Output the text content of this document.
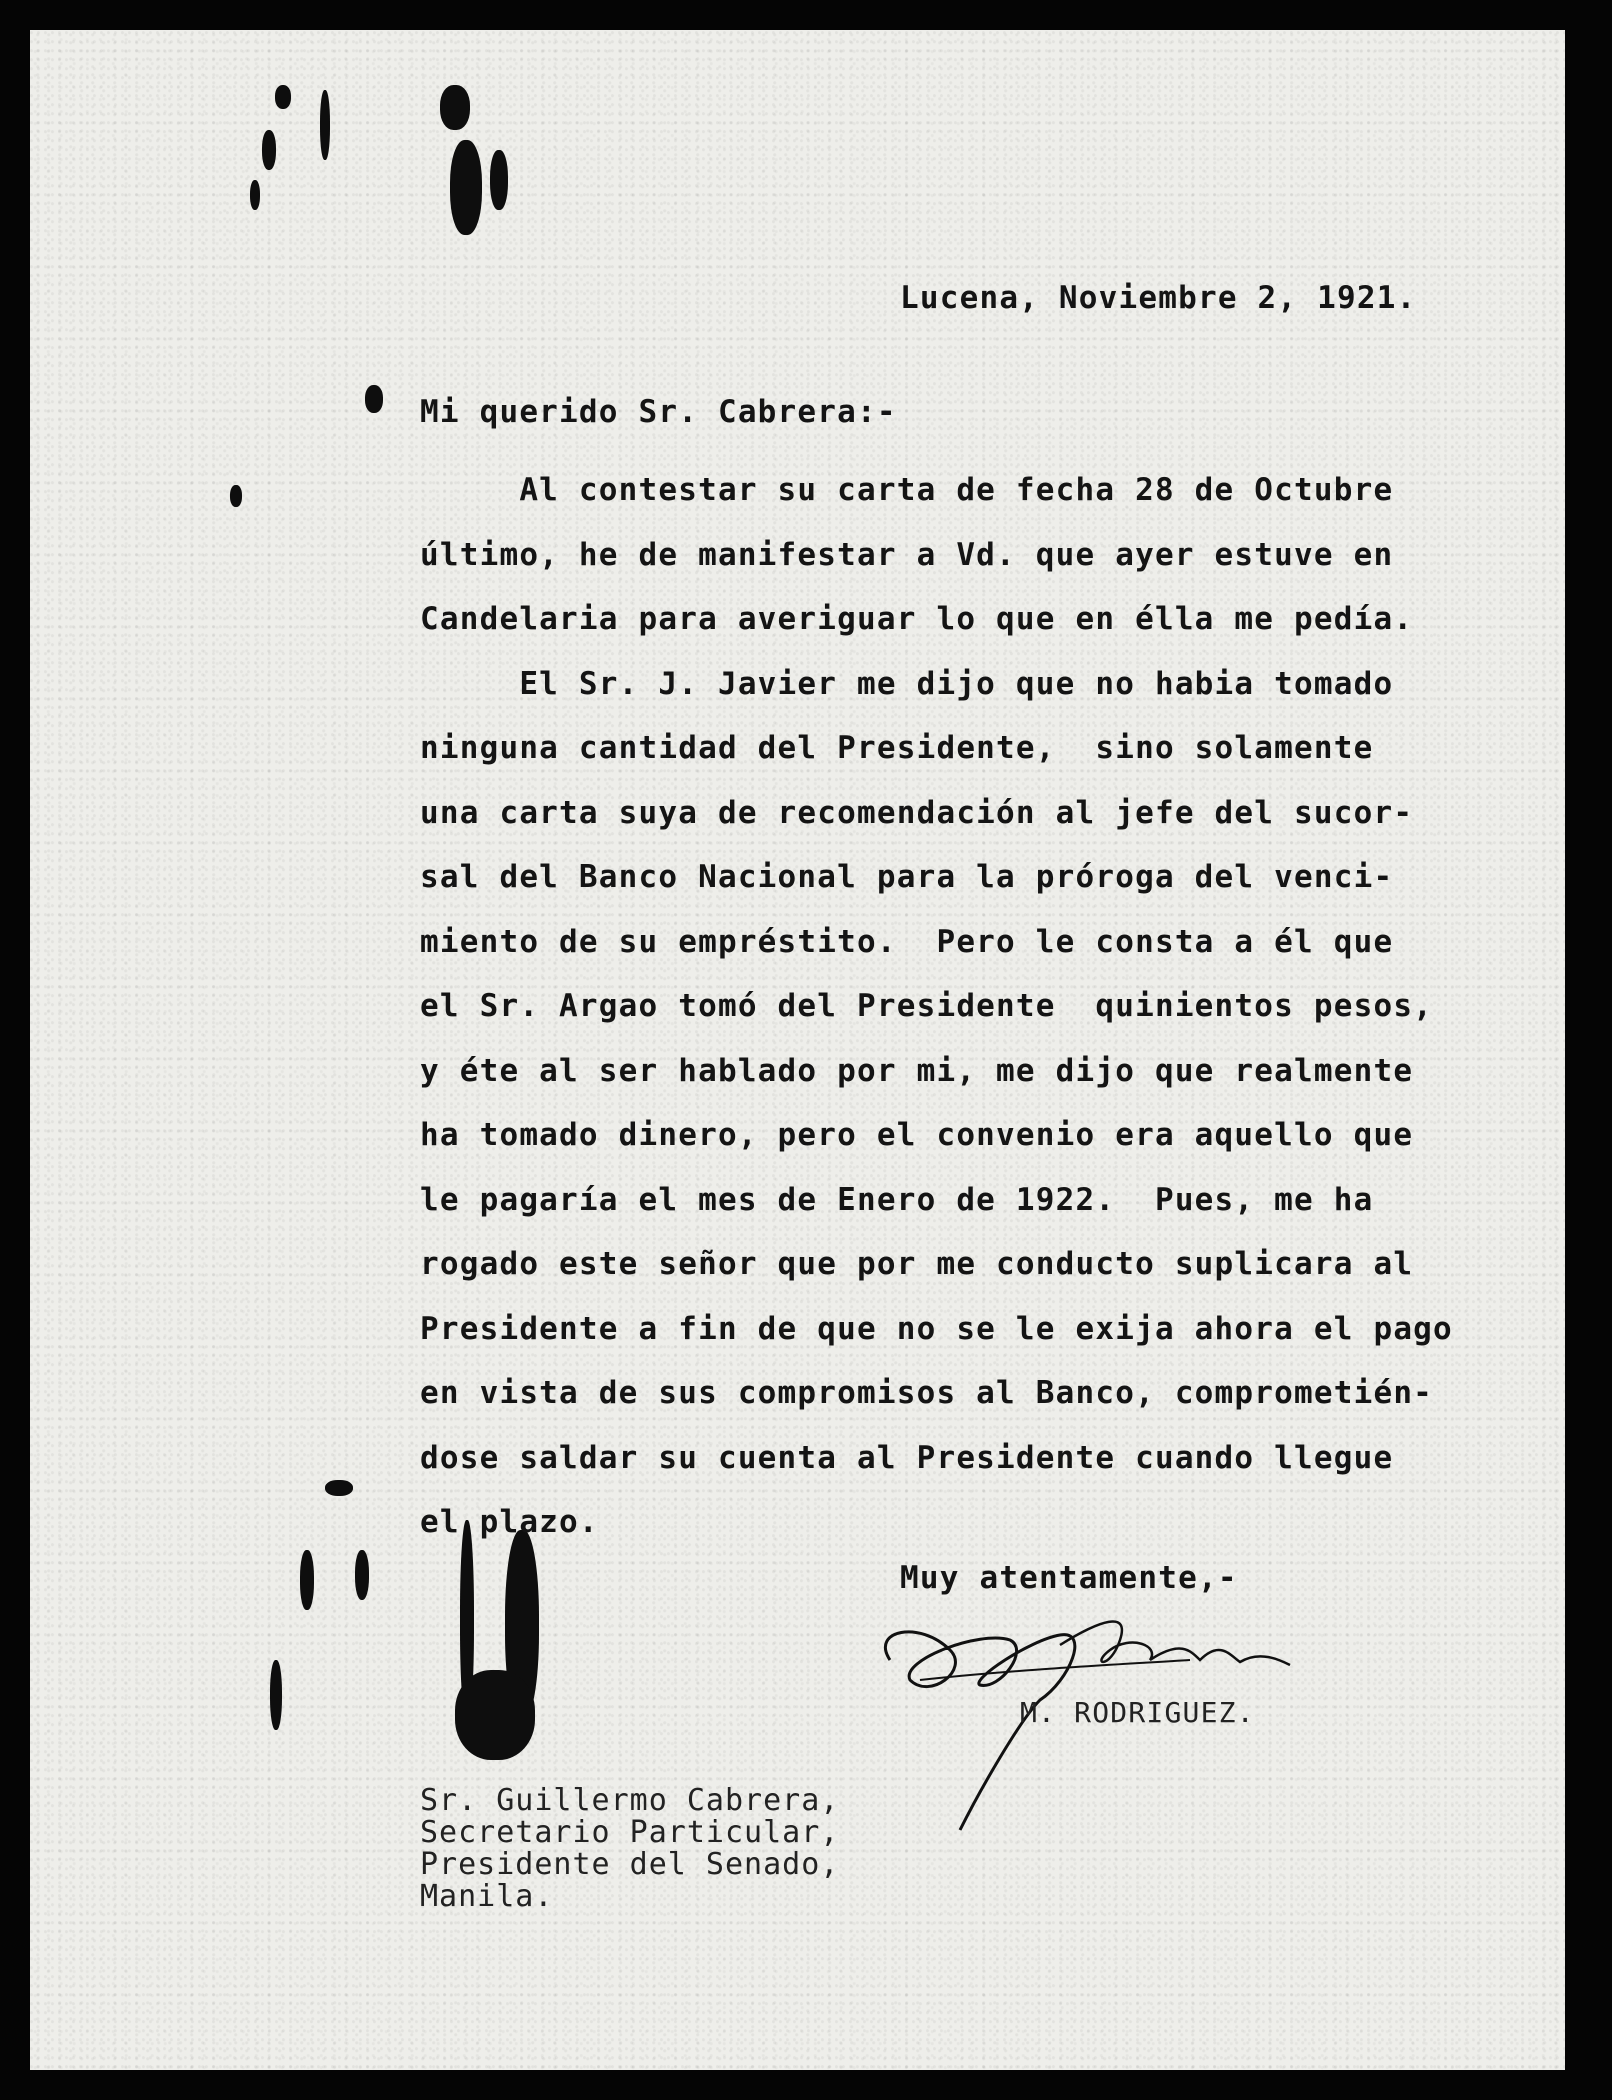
Lucena, Noviembre 2, 1921.
Mi querido Sr. Cabrera:-
Al contestar su carta de fecha 28 de Octubre
último, he de manifestar a Vd. que ayer estuve en
Candelaria para averiguar lo que en élla me pedía.
El Sr. J. Javier me dijo que no habia tomado
ninguna cantidad del Presidente,  sino solamente
una carta suya de recomendación al jefe del sucor-
sal del Banco Nacional para la próroga del venci-
miento de su empréstito.  Pero le consta a él que
el Sr. Argao tomó del Presidente  quinientos pesos,
y éte al ser hablado por mi, me dijo que realmente
ha tomado dinero, pero el convenio era aquello que
le pagaría el mes de Enero de 1922.  Pues, me ha
rogado este señor que por me conducto suplicara al
Presidente a fin de que no se le exija ahora el pago
en vista de sus compromisos al Banco, comprometién-
dose saldar su cuenta al Presidente cuando llegue
el plazo.
Muy atentamente,-
M. RODRIGUEZ.
Sr. Guillermo Cabrera,
Secretario Particular,
Presidente del Senado,
Manila.
